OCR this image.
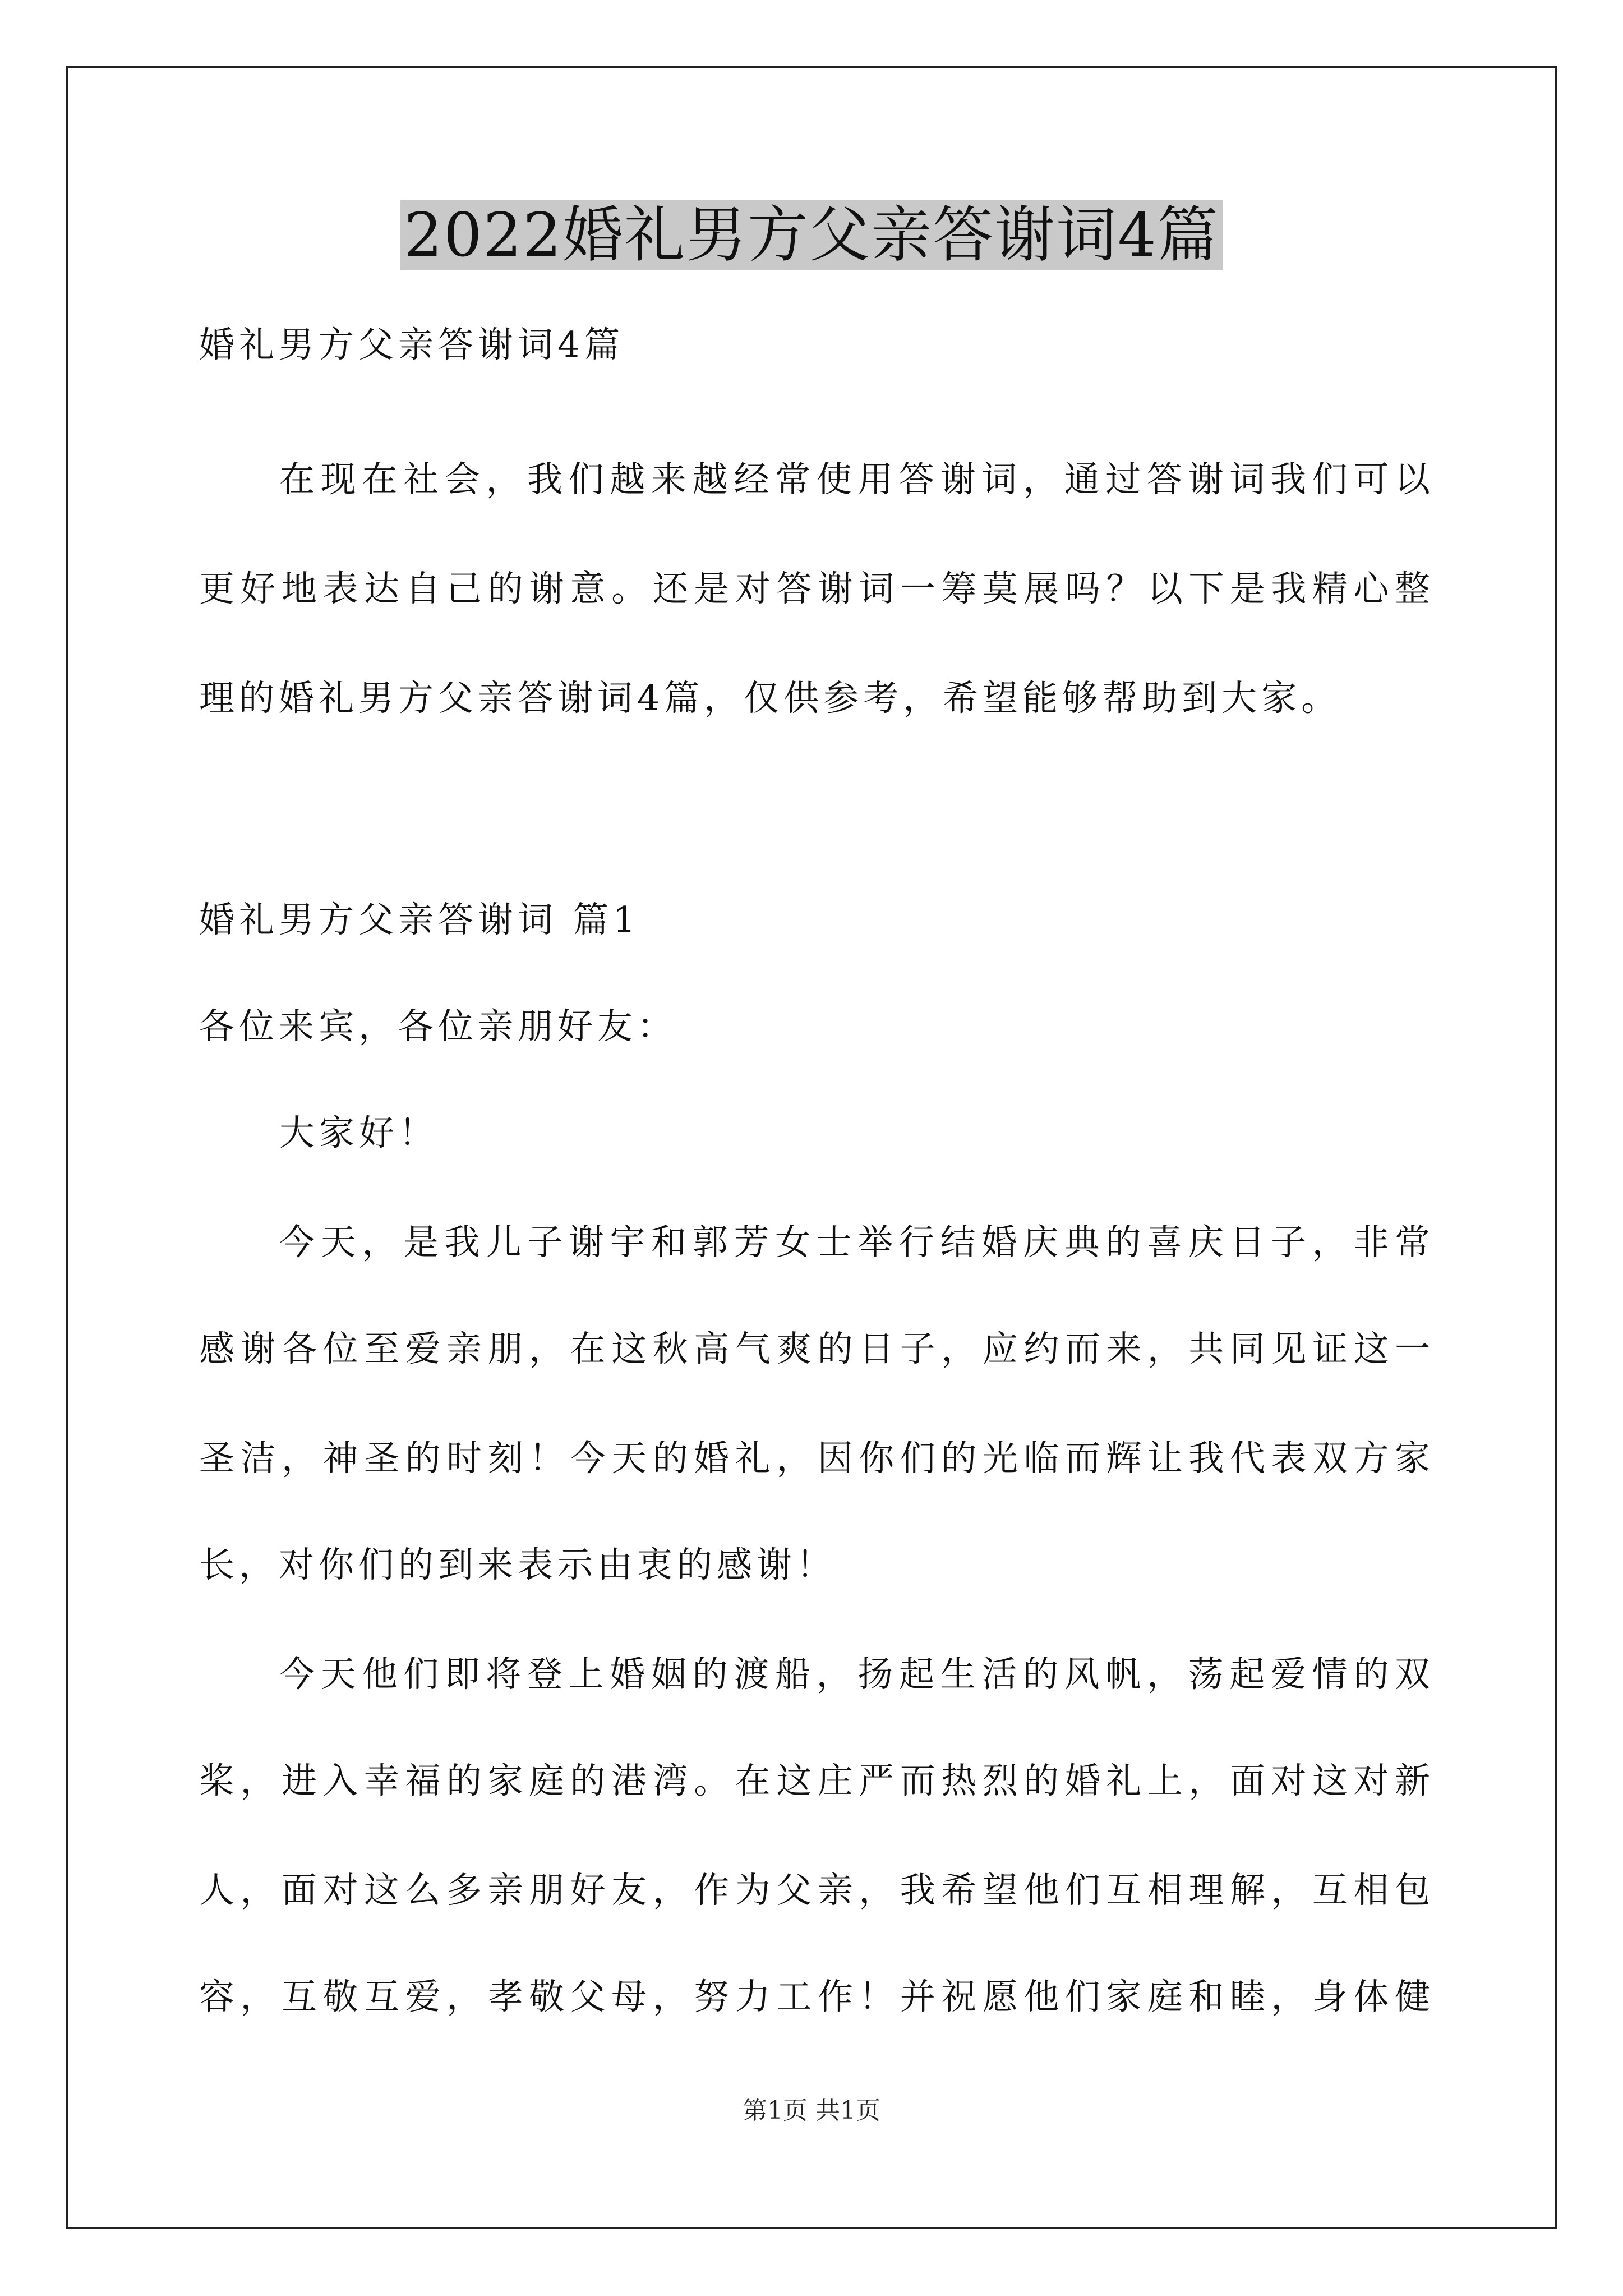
2022婚礼男方父亲答谢词4篇
婚礼男方父亲答谢词4篇
在现在社会，我们越来越经常使用答谢词，通过答谢词我们可以
更好地表达自己的谢意。还是对答谢词一筹莫展吗？以下是我精心整
理的婚礼男方父亲答谢词4篇，仅供参考，希望能够帮助到大家。
婚礼男方父亲答谢词 篇1
各位来宾，各位亲朋好友：
大家好！
今天，是我儿子谢宇和郭芳女士举行结婚庆典的喜庆日子，非常
感谢各位至爱亲朋，在这秋高气爽的日子，应约而来，共同见证这一
圣洁，神圣的时刻！今天的婚礼，因你们的光临而辉让我代表双方家
长，对你们的到来表示由衷的感谢！
今天他们即将登上婚姻的渡船，扬起生活的风帆，荡起爱情的双
桨，进入幸福的家庭的港湾。在这庄严而热烈的婚礼上，面对这对新
人，面对这么多亲朋好友，作为父亲，我希望他们互相理解，互相包
容，互敬互爱，孝敬父母，努力工作！并祝愿他们家庭和睦，身体健
第1页 共1页
